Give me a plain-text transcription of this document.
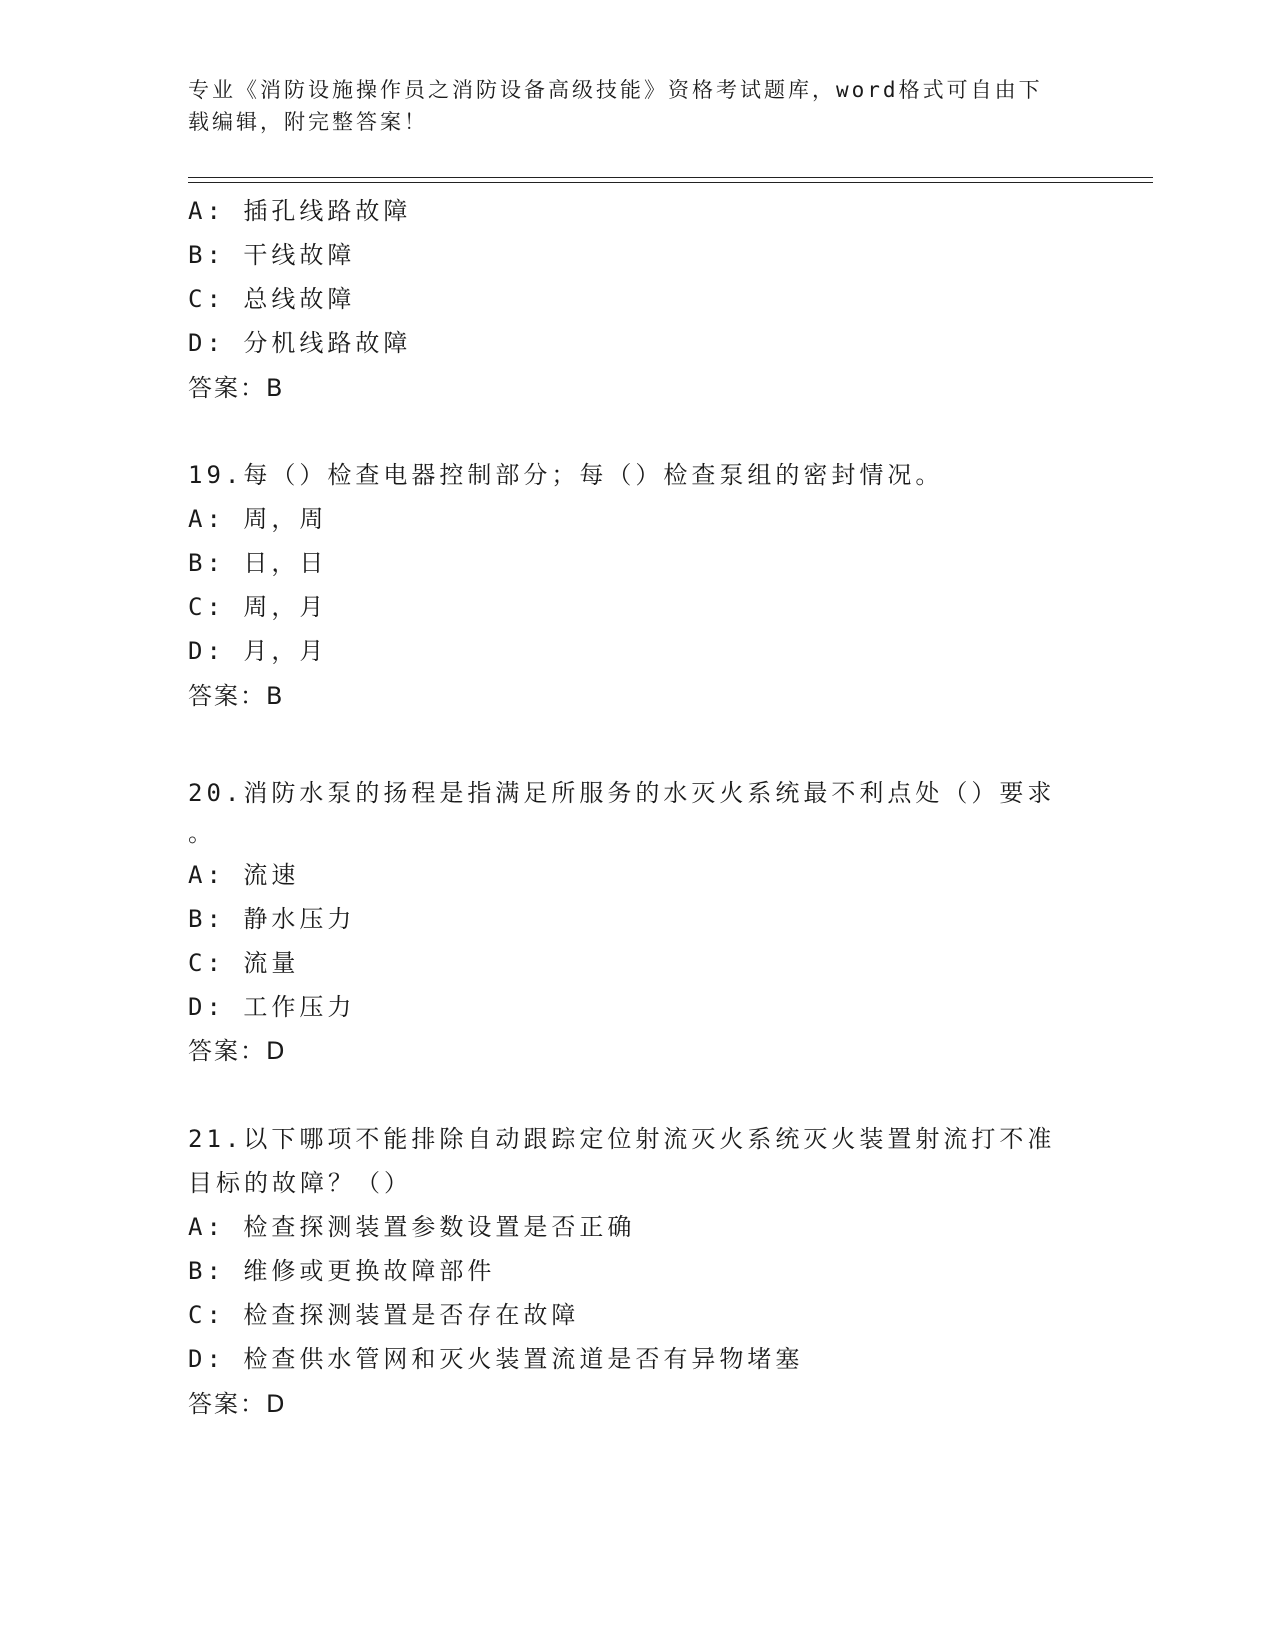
专业《消防设施操作员之消防设备高级技能》资格考试题库，word格式可自由下
载编辑，附完整答案！
A: 插孔线路故障
B: 干线故障
C: 总线故障
D: 分机线路故障
答案：B
19.每（）检查电器控制部分；每（）检查泵组的密封情况。
A: 周，周
B: 日，日
C: 周，月
D: 月，月
答案：B
20.消防水泵的扬程是指满足所服务的水灭火系统最不利点处（）要求
。
A: 流速
B: 静水压力
C: 流量
D: 工作压力
答案：D
21.以下哪项不能排除自动跟踪定位射流灭火系统灭火装置射流打不准
目标的故障？（）
A: 检查探测装置参数设置是否正确
B: 维修或更换故障部件
C: 检查探测装置是否存在故障
D: 检查供水管网和灭火装置流道是否有异物堵塞
答案：D
